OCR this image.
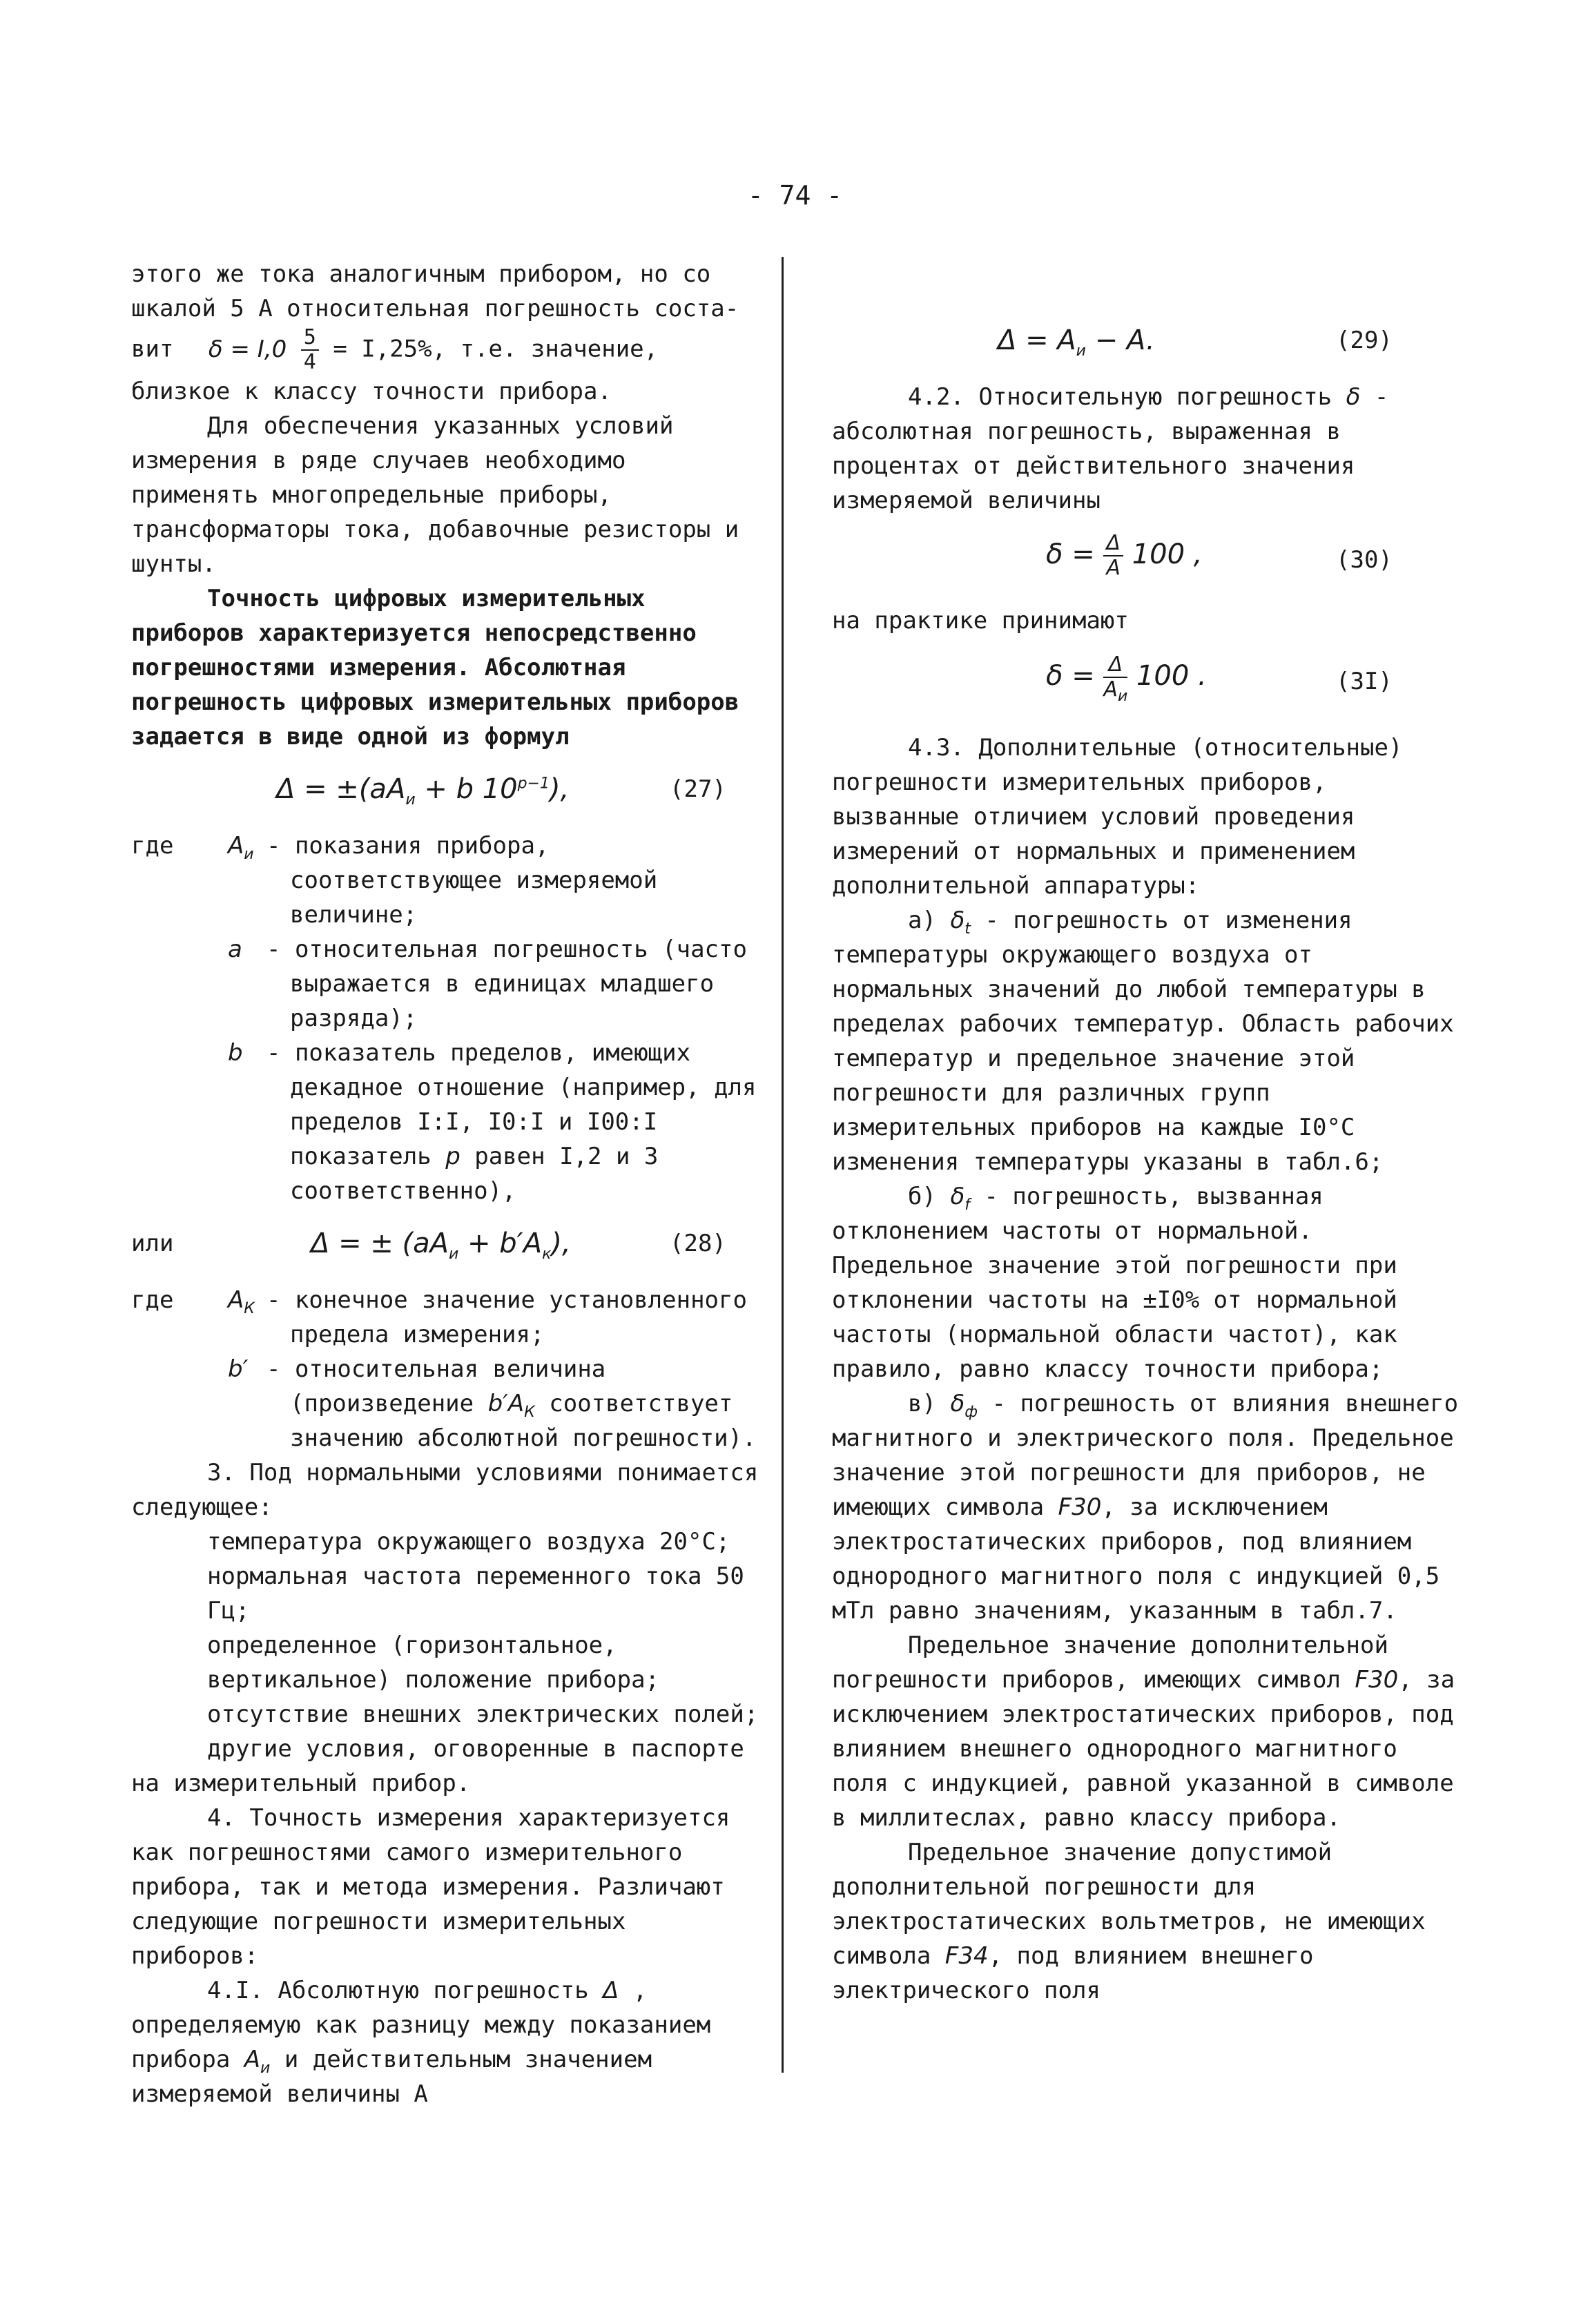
- 74 -

этого же тока аналогичным прибором, но со шкалой 5 А относительная погрешность соста-

вит $\delta = I,0 \frac{5}{4} = I,25\%$, т.е. значение,

близкое к классу точности прибора.

Для обеспечения указанных условий измерения в ряде случаев необходимо применять многопредельные приборы, трансформаторы тока, добавочные резисторы и шунты.

Точность цифровых измерительных приборов характеризуется непосредственно погрешностями измерения. Абсолютная погрешность цифровых измерительных приборов задается в виде одной из формул

$\Delta = \pm(aA_и + b$ $10^{p-1}$),	(27)
где $A_и$ - показания прибора, соответствующее измеряемой величине;

a	- относительная погрешность (часто выражается в единицах младшего разряда);

b	- показатель пределов, имеющих декадное отношение (например, для пределов I:I, I0:I и I00:I показатель p равен I,2 и 3 соответственно),

или	Δ = ± $(aA_и + b'A_к)$,	(28)
где $A_К$ - конечное значение установленного предела измерения;

b′ - относительная величина (произведение $b'A_К$ соответствует значению абсолютной погрешности).

3. Под нормальными условиями понимается следующее:

температура окружающего воздуха 20°С;

нормальная частота переменного тока 50 Гц;

определенное (горизонтальное, вертикальное) положение прибора;

отсутствие внешних электрических полей;

другие условия, оговоренные в паспорте

на измерительный прибор.

4. Точность измерения характеризуется как погрешностями самого измерительного прибора, так и метода измерения. Различают следующие погрешности измерительных приборов:

4.I. Абсолютную погрешность Δ , определяемую как разницу между показанием прибора $A_и$ и действительным значением измеряемой величины А

$\Delta = A_и - A$.	(29)

4.2. Относительную погрешность δ - абсолютная погрешность, выраженная в процентах от действительного значения измеряемой величины

$\delta = \frac{\Delta}{A} 100$ ,	(30)

на практике принимают

$\delta = \frac{\Delta}{A_и} 100$ .	(3I)

4.3. Дополнительные (относительные) погрешности измерительных приборов, вызванные отличием условий проведения измерений от нормальных и применением дополнительной аппаратуры:

а) $\delta_t$ - погрешность от изменения температуры окружающего воздуха от нормальных значений до любой температуры в пределах рабочих температур. Область рабочих температур и предельное значение этой погрешности для различных групп измерительных приборов на каждые I0°С изменения температуры указаны в табл.6;

б) $\delta_f$ - погрешность, вызванная отклонением частоты от нормальной. Предельное значение этой погрешности при отклонении частоты на ±I0% от нормальной частоты (нормальной области частот), как правило, равно классу точности прибора;

в) $\delta_ф$ - погрешность от влияния внешнего магнитного и электрического поля. Предельное значение этой погрешности для приборов, не имеющих символа F30, за исключением электростатических приборов, под влиянием однородного магнитного поля с индукцией 0,5 мТл равно значениям, указанным в табл.7.

Предельное значение дополнительной погрешности приборов, имеющих символ F30, за исключением электростатических приборов, под влиянием внешнего однородного магнитного поля с индукцией, равной указанной в символе в миллитеслах, равно классу прибора.

Предельное значение допустимой дополнительной погрешности для электростатических вольтметров, не имеющих символа F34, под влиянием внешнего электрического поля
